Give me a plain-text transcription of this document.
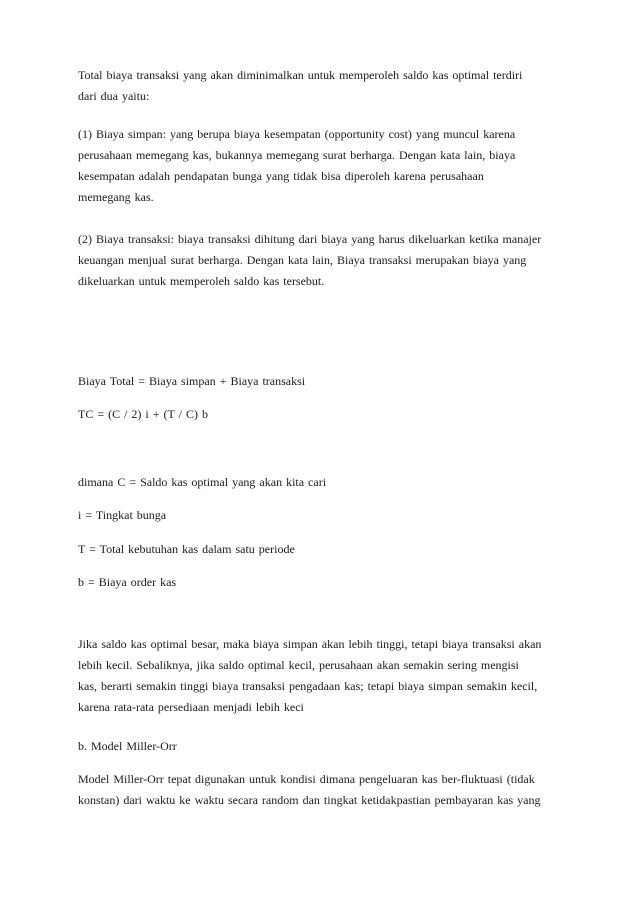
Total biaya transaksi yang akan diminimalkan untuk memperoleh saldo kas optimal terdiri
dari dua yaitu:

(1) Biaya simpan: yang berupa biaya kesempatan (opportunity cost) yang muncul karena
perusahaan memegang kas, bukannya memegang surat berharga. Dengan kata lain, biaya
kesempatan adalah pendapatan bunga yang tidak bisa diperoleh karena perusahaan
memegang kas.

(2) Biaya transaksi: biaya transaksi dihitung dari biaya yang harus dikeluarkan ketika manajer
keuangan menjual surat berharga. Dengan kata lain, Biaya transaksi merupakan biaya yang
dikeluarkan untuk memperoleh saldo kas tersebut.

Biaya Total = Biaya simpan + Biaya transaksi

TC = (C / 2) i + (T / C) b

dimana C = Saldo kas optimal yang akan kita cari

i = Tingkat bunga

T = Total kebutuhan kas dalam satu periode

b = Biaya order kas

Jika saldo kas optimal besar, maka biaya simpan akan lebih tinggi, tetapi biaya transaksi akan
lebih kecil. Sebaliknya, jika saldo optimal kecil, perusahaan akan semakin sering mengisi
kas, berarti semakin tinggi biaya transaksi pengadaan kas; tetapi biaya simpan semakin kecil,
karena rata-rata persediaan menjadi lebih keci

b. Model Miller-Orr

Model Miller-Orr tepat digunakan untuk kondisi dimana pengeluaran kas ber-fluktuasi (tidak
konstan) dari waktu ke waktu secara random dan tingkat ketidakpastian pembayaran kas yang
